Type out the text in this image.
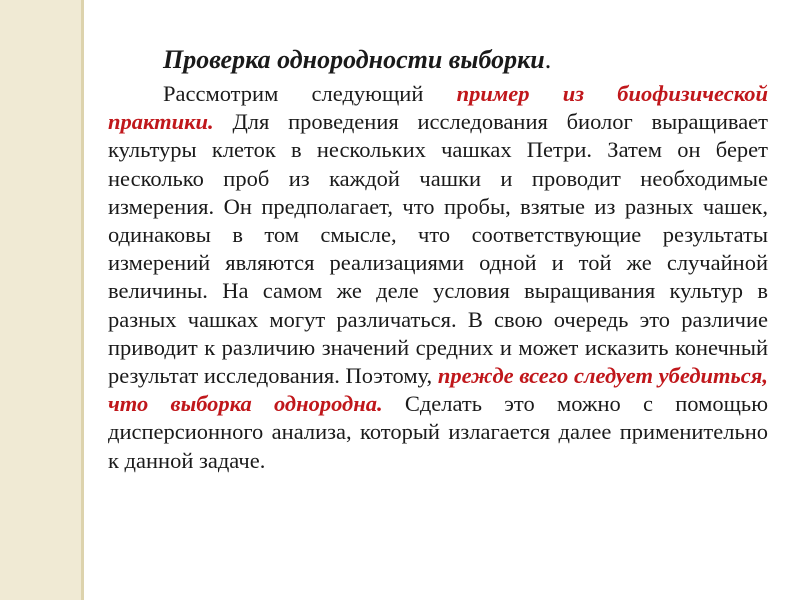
Проверка однородности выборки.

Рассмотрим следующий пример из биофизической практики. Для проведения исследования биолог выращивает культуры клеток в нескольких чашках Петри. Затем он берет несколько проб из каждой чашки и проводит необходимые измерения. Он предполагает, что пробы, взятые из разных чашек, одинаковы в том смысле, что соответствующие результаты измерений являются реализациями одной и той же случайной величины. На самом же деле условия выращивания культур в разных чашках могут различаться. В свою очередь это различие приводит к различию значений средних и может исказить конечный результат исследования. Поэтому, прежде всего следует убедиться, что выборка однородна. Сделать это можно с помощью дисперсионного анализа, который излагается далее применительно к данной задаче.
